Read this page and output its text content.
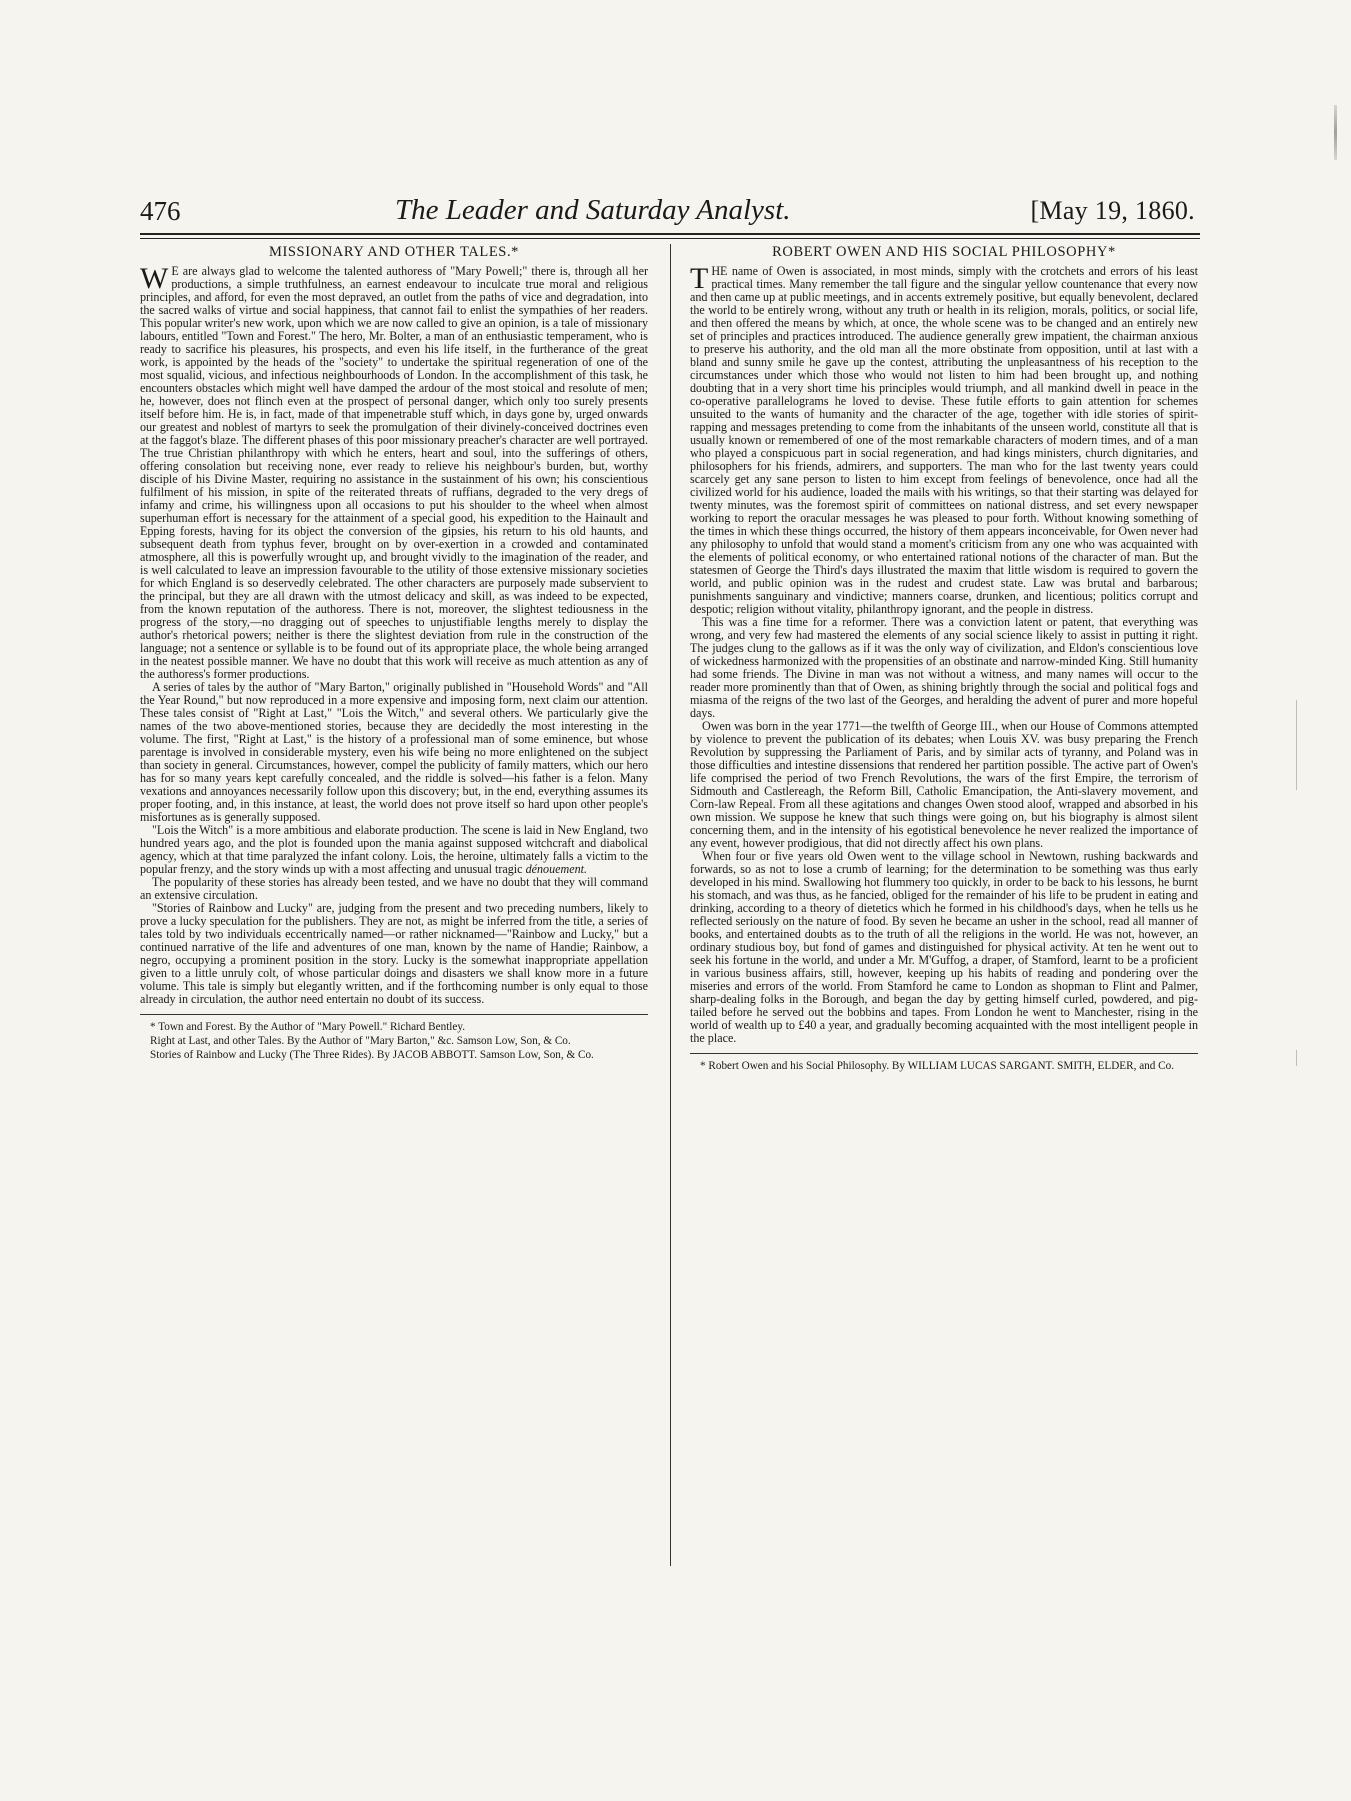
476	The Leader and Saturday Analyst.	[May 19, 1860.
MISSIONARY AND OTHER TALES.*

W E are always glad to welcome the talented authoress of "Mary Powell;" there is, through all her productions, a simple truthfulness, an earnest endeavour to inculcate true moral and religious principles, and afford, for even the most depraved, an outlet from the paths of vice and degradation, into the sacred walks of virtue and social happiness, that cannot fail to enlist the sympathies of her readers. This popular writer's new work, upon which we are now called to give an opinion, is a tale of missionary labours, entitled "Town and Forest." The hero, Mr. Bolter, a man of an enthusiastic temperament, who is ready to sacrifice his pleasures, his prospects, and even his life itself, in the furtherance of the great work, is appointed by the heads of the "society" to undertake the spiritual regeneration of one of the most squalid, vicious, and infectious neighbourhoods of London. In the accomplishment of this task, he encounters obstacles which might well have damped the ardour of the most stoical and resolute of men; he, however, does not flinch even at the prospect of personal danger, which only too surely presents itself before him. He is, in fact, made of that impenetrable stuff which, in days gone by, urged onwards our greatest and noblest of martyrs to seek the promulgation of their divinely-conceived doctrines even at the faggot's blaze. The different phases of this poor missionary preacher's character are well portrayed. The true Christian philanthropy with which he enters, heart and soul, into the sufferings of others, offering consolation but receiving none, ever ready to relieve his neighbour's burden, but, worthy disciple of his Divine Master, requiring no assistance in the sustainment of his own; his conscientious fulfilment of his mission, in spite of the reiterated threats of ruffians, degraded to the very dregs of infamy and crime, his willingness upon all occasions to put his shoulder to the wheel when almost superhuman effort is necessary for the attainment of a special good, his expedition to the Hainault and Epping forests, having for its object the conversion of the gipsies, his return to his old haunts, and subsequent death from typhus fever, brought on by over-exertion in a crowded and contaminated atmosphere, all this is powerfully wrought up, and brought vividly to the imagination of the reader, and is well calculated to leave an impression favourable to the utility of those extensive missionary societies for which England is so deservedly celebrated. The other characters are purposely made subservient to the principal, but they are all drawn with the utmost delicacy and skill, as was indeed to be expected, from the known reputation of the authoress. There is not, moreover, the slightest tediousness in the progress of the story,—no dragging out of speeches to unjustifiable lengths merely to display the author's rhetorical powers; neither is there the slightest deviation from rule in the construction of the language; not a sentence or syllable is to be found out of its appropriate place, the whole being arranged in the neatest possible manner. We have no doubt that this work will receive as much attention as any of the authoress's former productions.

A series of tales by the author of "Mary Barton," originally published in "Household Words" and "All the Year Round," but now reproduced in a more expensive and imposing form, next claim our attention. These tales consist of "Right at Last," "Lois the Witch," and several others. We particularly give the names of the two above-mentioned stories, because they are decidedly the most interesting in the volume. The first, "Right at Last," is the history of a professional man of some eminence, but whose parentage is involved in considerable mystery, even his wife being no more enlightened on the subject than society in general. Circumstances, however, compel the publicity of family matters, which our hero has for so many years kept carefully concealed, and the riddle is solved—his father is a felon. Many vexations and annoyances necessarily follow upon this discovery; but, in the end, everything assumes its proper footing, and, in this instance, at least, the world does not prove itself so hard upon other people's misfortunes as is generally supposed.

"Lois the Witch" is a more ambitious and elaborate production. The scene is laid in New England, two hundred years ago, and the plot is founded upon the mania against supposed witchcraft and diabolical agency, which at that time paralyzed the infant colony. Lois, the heroine, ultimately falls a victim to the popular frenzy, and the story winds up with a most affecting and unusual tragic dénouement.

The popularity of these stories has already been tested, and we have no doubt that they will command an extensive circulation.

"Stories of Rainbow and Lucky" are, judging from the present and two preceding numbers, likely to prove a lucky speculation for the publishers. They are not, as might be inferred from the title, a series of tales told by two individuals eccentrically named—or rather nicknamed—"Rainbow and Lucky," but a continued narrative of the life and adventures of one man, known by the name of Handie; Rainbow, a negro, occupying a prominent position in the story. Lucky is the somewhat inappropriate appellation given to a little unruly colt, of whose particular doings and disasters we shall know more in a future volume. This tale is simply but elegantly written, and if the forthcoming number is only equal to those already in circulation, the author need entertain no doubt of its success.

* Town and Forest. By the Author of "Mary Powell." Richard Bentley.

Right at Last, and other Tales. By the Author of "Mary Barton," &c. Samson Low, Son, & Co.

Stories of Rainbow and Lucky (The Three Rides). By JACOB ABBOTT. Samson Low, Son, & Co.

ROBERT OWEN AND HIS SOCIAL PHILOSOPHY*

THE name of Owen is associated, in most minds, simply with the crotchets and errors of his least practical times. Many remember the tall figure and the singular yellow countenance that every now and then came up at public meetings, and in accents extremely positive, but equally benevolent, declared the world to be entirely wrong, without any truth or health in its religion, morals, politics, or social life, and then offered the means by which, at once, the whole scene was to be changed and an entirely new set of principles and practices introduced. The audience generally grew impatient, the chairman anxious to preserve his authority, and the old man all the more obstinate from opposition, until at last with a bland and sunny smile he gave up the contest, attributing the unpleasantness of his reception to the circumstances under which those who would not listen to him had been brought up, and nothing doubting that in a very short time his principles would triumph, and all mankind dwell in peace in the co-operative parallelograms he loved to devise. These futile efforts to gain attention for schemes unsuited to the wants of humanity and the character of the age, together with idle stories of spirit-rapping and messages pretending to come from the inhabitants of the unseen world, constitute all that is usually known or remembered of one of the most remarkable characters of modern times, and of a man who played a conspicuous part in social regeneration, and had kings ministers, church dignitaries, and philosophers for his friends, admirers, and supporters. The man who for the last twenty years could scarcely get any sane person to listen to him except from feelings of benevolence, once had all the civilized world for his audience, loaded the mails with his writings, so that their starting was delayed for twenty minutes, was the foremost spirit of committees on national distress, and set every newspaper working to report the oracular messages he was pleased to pour forth. Without knowing something of the times in which these things occurred, the history of them appears inconceivable, for Owen never had any philosophy to unfold that would stand a moment's criticism from any one who was acquainted with the elements of political economy, or who entertained rational notions of the character of man. But the statesmen of George the Third's days illustrated the maxim that little wisdom is required to govern the world, and public opinion was in the rudest and crudest state. Law was brutal and barbarous; punishments sanguinary and vindictive; manners coarse, drunken, and licentious; politics corrupt and despotic; religion without vitality, philanthropy ignorant, and the people in distress.

This was a fine time for a reformer. There was a conviction latent or patent, that everything was wrong, and very few had mastered the elements of any social science likely to assist in putting it right. The judges clung to the gallows as if it was the only way of civilization, and Eldon's conscientious love of wickedness harmonized with the propensities of an obstinate and narrow-minded King. Still humanity had some friends. The Divine in man was not without a witness, and many names will occur to the reader more prominently than that of Owen, as shining brightly through the social and political fogs and miasma of the reigns of the two last of the Georges, and heralding the advent of purer and more hopeful days.

Owen was born in the year 1771—the twelfth of George III., when our House of Commons attempted by violence to prevent the publication of its debates; when Louis XV. was busy preparing the French Revolution by suppressing the Parliament of Paris, and by similar acts of tyranny, and Poland was in those difficulties and intestine dissensions that rendered her partition possible. The active part of Owen's life comprised the period of two French Revolutions, the wars of the first Empire, the terrorism of Sidmouth and Castlereagh, the Reform Bill, Catholic Emancipation, the Anti-slavery movement, and Corn-law Repeal. From all these agitations and changes Owen stood aloof, wrapped and absorbed in his own mission. We suppose he knew that such things were going on, but his biography is almost silent concerning them, and in the intensity of his egotistical benevolence he never realized the importance of any event, however prodigious, that did not directly affect his own plans.

When four or five years old Owen went to the village school in Newtown, rushing backwards and forwards, so as not to lose a crumb of learning; for the determination to be something was thus early developed in his mind. Swallowing hot flummery too quickly, in order to be back to his lessons, he burnt his stomach, and was thus, as he fancied, obliged for the remainder of his life to be prudent in eating and drinking, according to a theory of dietetics which he formed in his childhood's days, when he tells us he reflected seriously on the nature of food. By seven he became an usher in the school, read all manner of books, and entertained doubts as to the truth of all the religions in the world. He was not, however, an ordinary studious boy, but fond of games and distinguished for physical activity. At ten he went out to seek his fortune in the world, and under a Mr. M'Guffog, a draper, of Stamford, learnt to be a proficient in various business affairs, still, however, keeping up his habits of reading and pondering over the miseries and errors of the world. From Stamford he came to London as shopman to Flint and Palmer, sharp-dealing folks in the Borough, and began the day by getting himself curled, powdered, and pig-tailed before he served out the bobbins and tapes. From London he went to Manchester, rising in the world of wealth up to £40 a year, and gradually becoming acquainted with the most intelligent people in the place.

* Robert Owen and his Social Philosophy. By WILLIAM LUCAS SARGANT. SMITH, ELDER, and Co.
